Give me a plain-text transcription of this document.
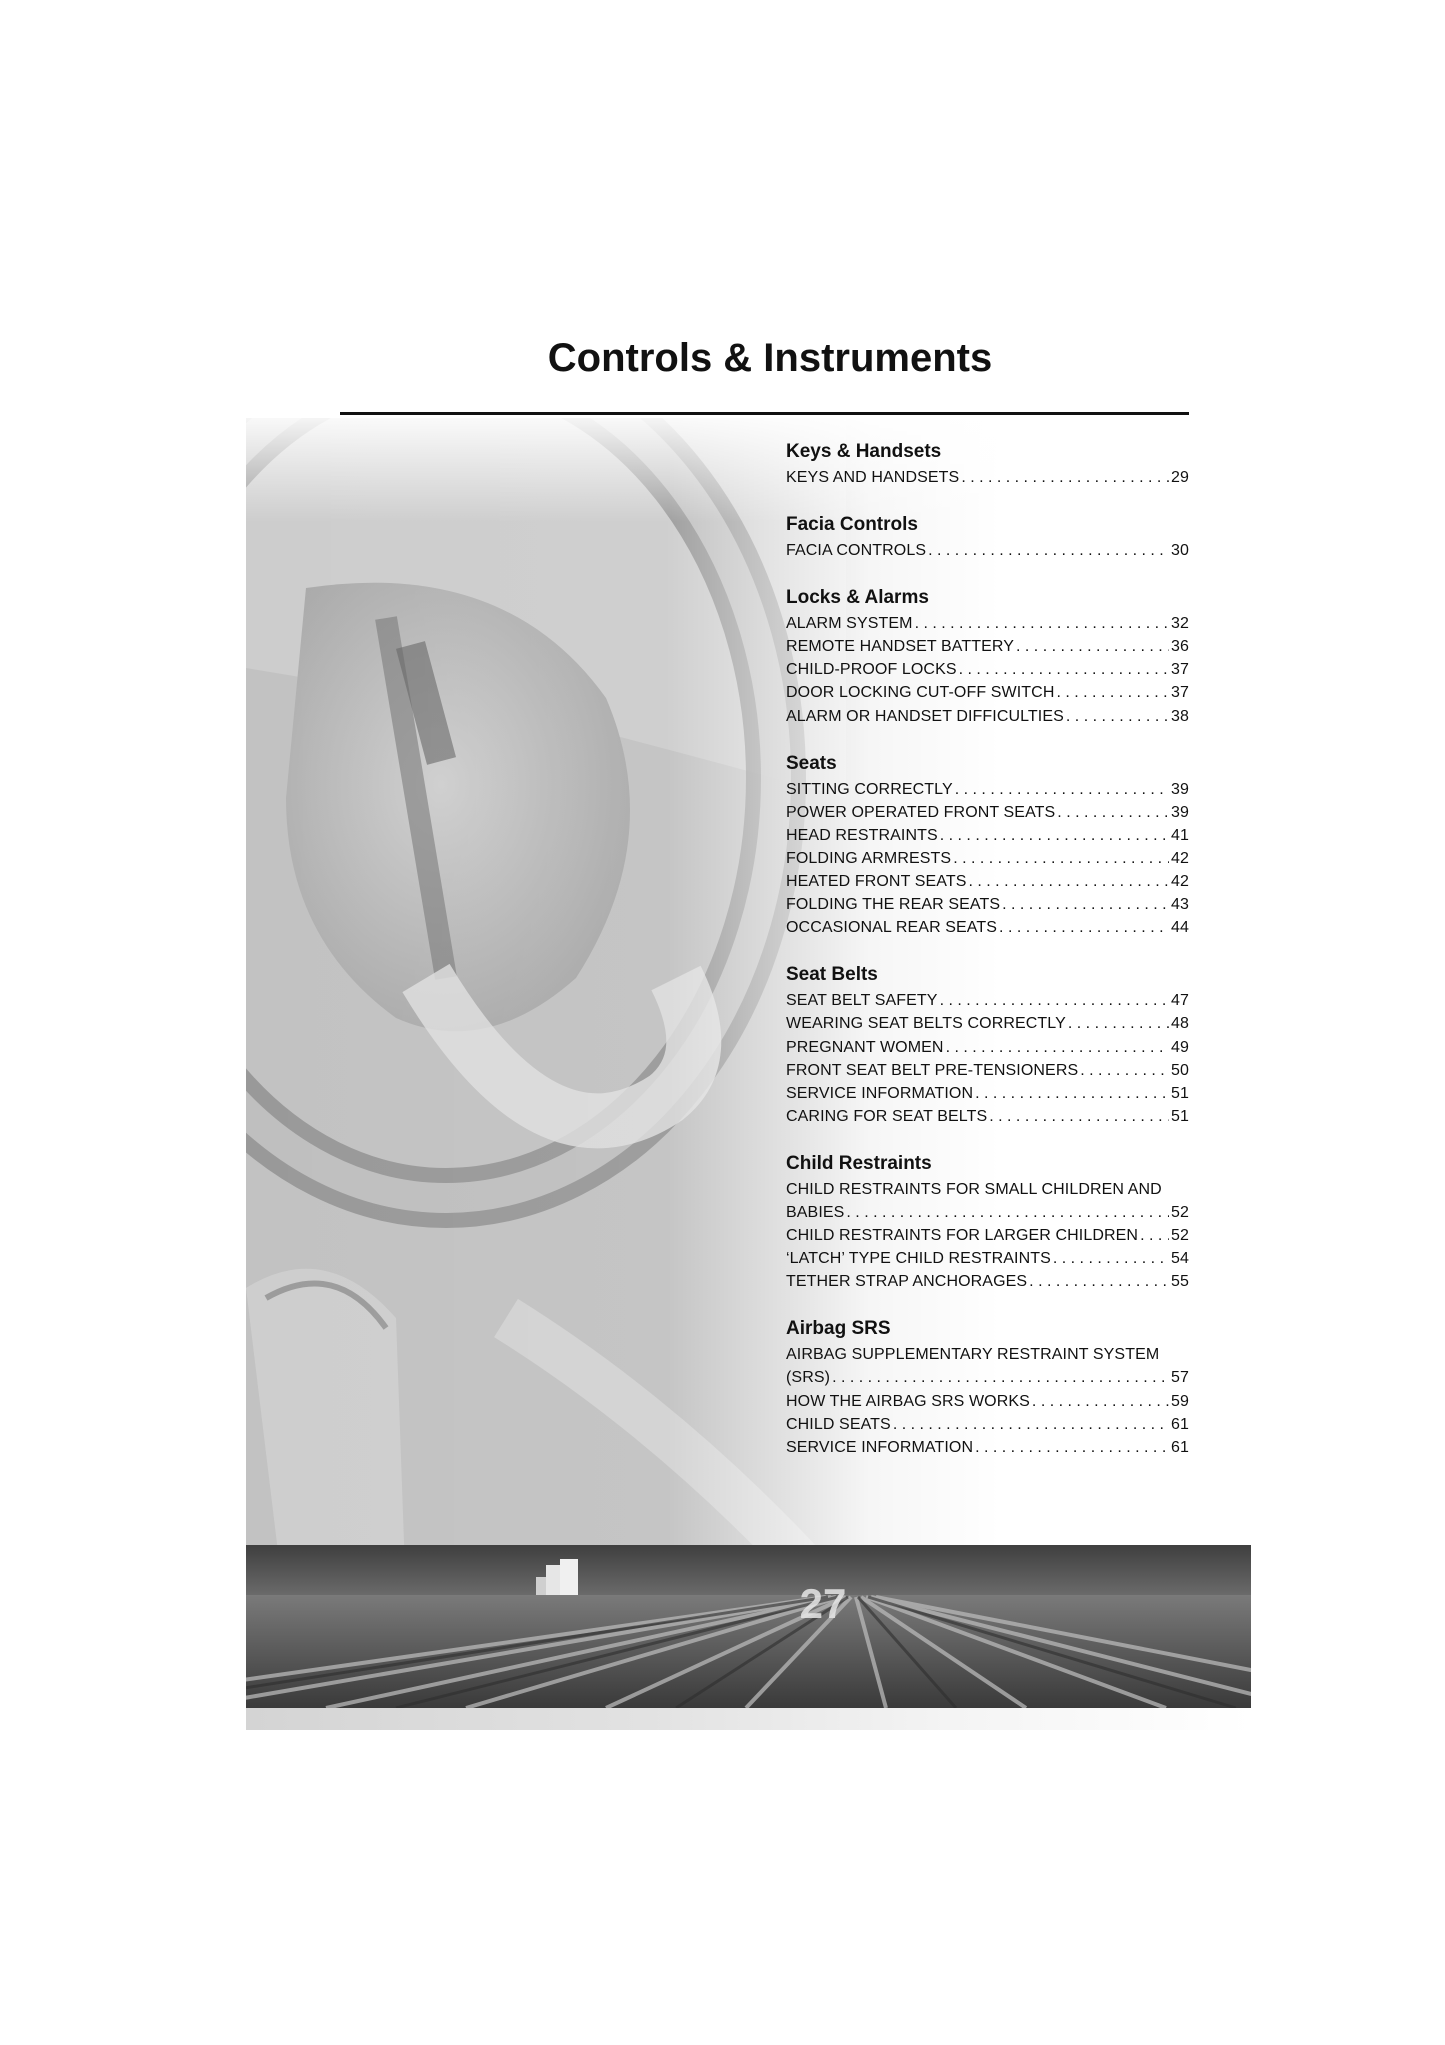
Controls & Instruments
27
Keys & Handsets
KEYS AND HANDSETS . . .	29
Facia Controls
FACIA CONTROLS . . .	30
Locks & Alarms
ALARM SYSTEM . . .	32
REMOTE HANDSET BATTERY . . .	36
CHILD-PROOF LOCKS . . .	37
DOOR LOCKING CUT-OFF SWITCH . . .	37
ALARM OR HANDSET DIFFICULTIES . . .	38
Seats
SITTING CORRECTLY . . .	39
POWER OPERATED FRONT SEATS . . .	39
HEAD RESTRAINTS . . .	41
FOLDING ARMRESTS . . .	42
HEATED FRONT SEATS . . .	42
FOLDING THE REAR SEATS . . .	43
OCCASIONAL REAR SEATS . . .	44
Seat Belts
SEAT BELT SAFETY . . .	47
WEARING SEAT BELTS CORRECTLY . . .	48
PREGNANT WOMEN . . .	49
FRONT SEAT BELT PRE-TENSIONERS . . .	50
SERVICE INFORMATION . . .	51
CARING FOR SEAT BELTS . . .	51
Child Restraints
CHILD RESTRAINTS FOR SMALL CHILDREN AND
BABIES . . .	52
CHILD RESTRAINTS FOR LARGER CHILDREN . . . 52
‘LATCH’ TYPE CHILD RESTRAINTS . . .	54
TETHER STRAP ANCHORAGES . . .	55
Airbag SRS
AIRBAG SUPPLEMENTARY RESTRAINT SYSTEM
(SRS) . . .	57
HOW THE AIRBAG SRS WORKS . . .	59
CHILD SEATS . . .	61
SERVICE INFORMATION . . .	61
